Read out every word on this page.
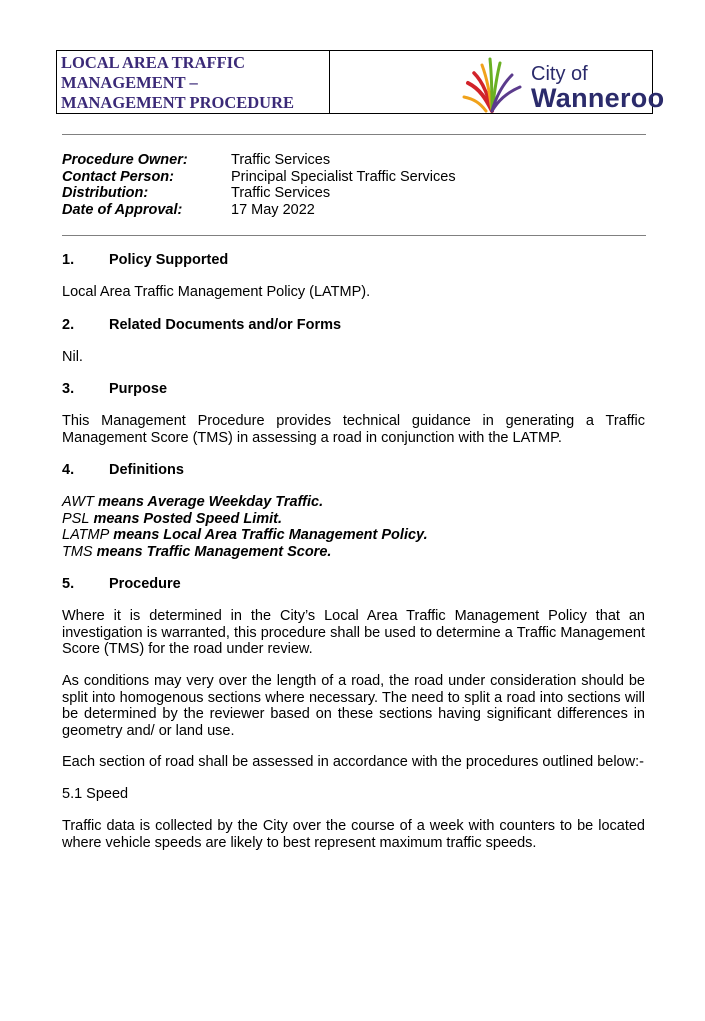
LOCAL AREA TRAFFIC
MANAGEMENT –
MANAGEMENT PROCEDURE
City of
Wanneroo
Procedure Owner:	Traffic Services
Contact Person:	Principal Specialist Traffic Services
Distribution:	Traffic Services
Date of Approval:	17 May 2022
1.	Policy Supported

Local Area Traffic Management Policy (LATMP).

2.	Related Documents and/or Forms

Nil.

3.	Purpose

This Management Procedure provides technical guidance in generating a Traffic Management Score (TMS) in assessing a road in conjunction with the LATMP.

4.	Definitions
AWT means Average Weekday Traffic.
PSL means Posted Speed Limit.
LATMP means Local Area Traffic Management Policy.
TMS means Traffic Management Score.
5.	Procedure

Where it is determined in the City’s Local Area Traffic Management Policy that an investigation is warranted, this procedure shall be used to determine a Traffic Management Score (TMS) for the road under review.

As conditions may very over the length of a road, the road under consideration should be split into homogenous sections where necessary. The need to split a road into sections will be determined by the reviewer based on these sections having significant differences in geometry and/ or land use.

Each section of road shall be assessed in accordance with the procedures outlined below:-

5.1 Speed

Traffic data is collected by the City over the course of a week with counters to be located where vehicle speeds are likely to best represent maximum traffic speeds.
